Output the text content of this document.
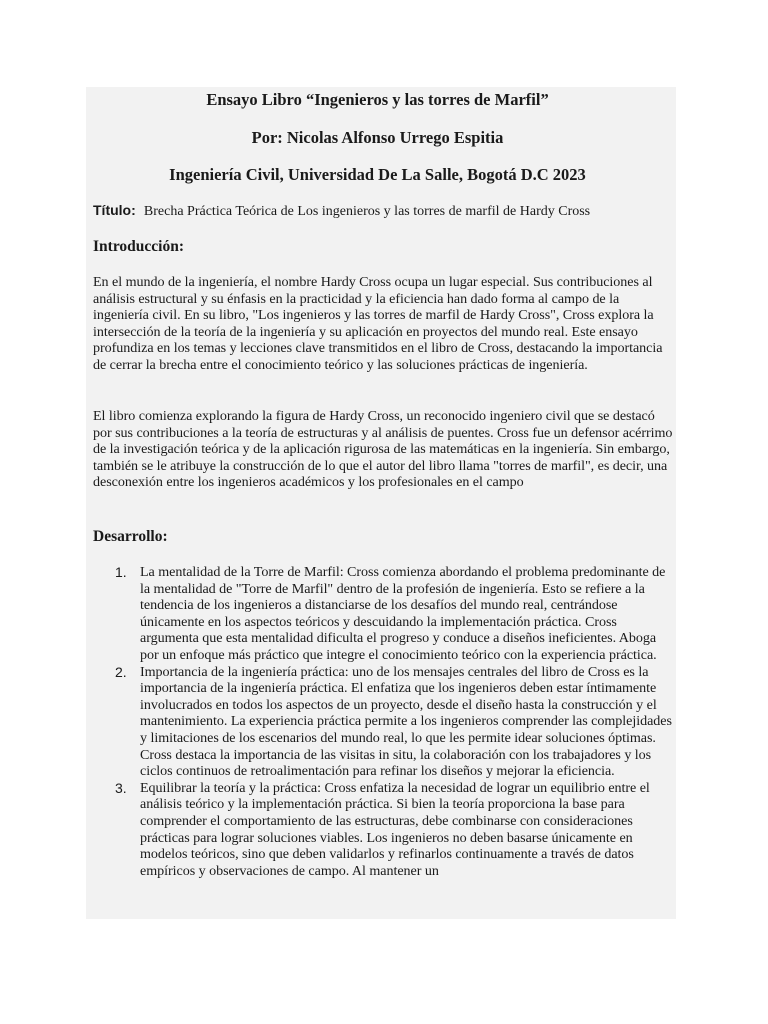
Ensayo Libro “Ingenieros y las torres de Marfil”
Por: Nicolas Alfonso Urrego Espitia
Ingeniería Civil, Universidad De La Salle, Bogotá D.C 2023
Título: Brecha Práctica Teórica de Los ingenieros y las torres de marfil de Hardy Cross
Introducción:

En el mundo de la ingeniería, el nombre Hardy Cross ocupa un lugar especial. Sus contribuciones al análisis estructural y su énfasis en la practicidad y la eficiencia han dado forma al campo de la ingeniería civil. En su libro, "Los ingenieros y las torres de marfil de Hardy Cross", Cross explora la intersección de la teoría de la ingeniería y su aplicación en proyectos del mundo real. Este ensayo profundiza en los temas y lecciones clave transmitidos en el libro de Cross, destacando la importancia de cerrar la brecha entre el conocimiento teórico y las soluciones prácticas de ingeniería.

El libro comienza explorando la figura de Hardy Cross, un reconocido ingeniero civil que se destacó por sus contribuciones a la teoría de estructuras y al análisis de puentes. Cross fue un defensor acérrimo de la investigación teórica y de la aplicación rigurosa de las matemáticas en la ingeniería. Sin embargo, también se le atribuye la construcción de lo que el autor del libro llama "torres de marfil", es decir, una desconexión entre los ingenieros académicos y los profesionales en el campo

Desarrollo:
1. La mentalidad de la Torre de Marfil: Cross comienza abordando el problema predominante de la mentalidad de "Torre de Marfil" dentro de la profesión de ingeniería. Esto se refiere a la tendencia de los ingenieros a distanciarse de los desafíos del mundo real, centrándose únicamente en los aspectos teóricos y descuidando la implementación práctica. Cross argumenta que esta mentalidad dificulta el progreso y conduce a diseños ineficientes. Aboga por un enfoque más práctico que integre el conocimiento teórico con la experiencia práctica.
2. Importancia de la ingeniería práctica: uno de los mensajes centrales del libro de Cross es la importancia de la ingeniería práctica. El enfatiza que los ingenieros deben estar íntimamente involucrados en todos los aspectos de un proyecto, desde el diseño hasta la construcción y el mantenimiento. La experiencia práctica permite a los ingenieros comprender las complejidades y limitaciones de los escenarios del mundo real, lo que les permite idear soluciones óptimas. Cross destaca la importancia de las visitas in situ, la colaboración con los trabajadores y los ciclos continuos de retroalimentación para refinar los diseños y mejorar la eficiencia.
3. Equilibrar la teoría y la práctica: Cross enfatiza la necesidad de lograr un equilibrio entre el análisis teórico y la implementación práctica. Si bien la teoría proporciona la base para comprender el comportamiento de las estructuras, debe combinarse con consideraciones prácticas para lograr soluciones viables. Los ingenieros no deben basarse únicamente en modelos teóricos, sino que deben validarlos y refinarlos continuamente a través de datos empíricos y observaciones de campo. Al mantener un
